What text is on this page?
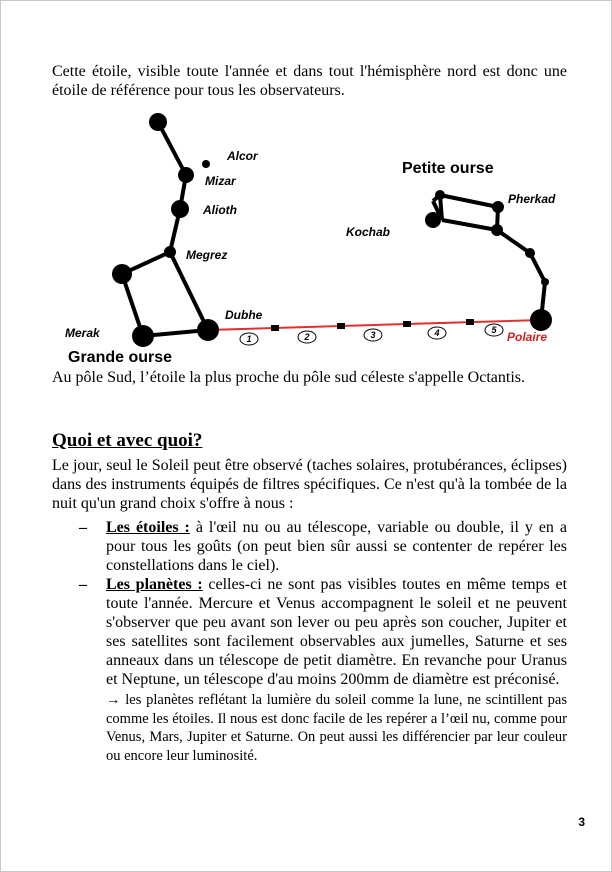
Cette étoile, visible toute l'année et dans tout l'hémisphère nord est donc une étoile de référence pour tous les observateurs.

1	2	3	4	5
Alcor
Mizar
Alioth
Megrez
Merak
Dubhe
Kochab
Pherkad
Polaire
Petite ourse
Grande ourse

Au pôle Sud, l’étoile la plus proche du pôle sud céleste s'appelle Octantis.

Quoi et avec quoi?

Le jour, seul le Soleil peut être observé (taches solaires, protubérances, éclipses) dans des instruments équipés de filtres spécifiques. Ce n'est qu'à la tombée de la nuit qu'un grand choix s'offre à nous :

– Les étoiles : à l'œil nu ou au télescope, variable ou double, il y en a pour tous les goûts (on peut bien sûr aussi se contenter de repérer les constellations dans le ciel).
– Les planètes : celles-ci ne sont pas visibles toutes en même temps et toute l'année. Mercure et Venus accompagnent le soleil et ne peuvent s'observer que peu avant son lever ou peu après son coucher, Jupiter et ses satellites sont facilement observables aux jumelles, Saturne et ses anneaux dans un télescope de petit diamètre. En revanche pour Uranus et Neptune, un télescope d'au moins 200mm de diamètre est préconisé.
→ les planètes reflétant la lumière du soleil comme la lune, ne scintillent pas comme les étoiles. Il nous est donc facile de les repérer a l’œil nu, comme pour Venus, Mars, Jupiter et Saturne. On peut aussi les différencier par leur couleur ou encore leur luminosité.
3
